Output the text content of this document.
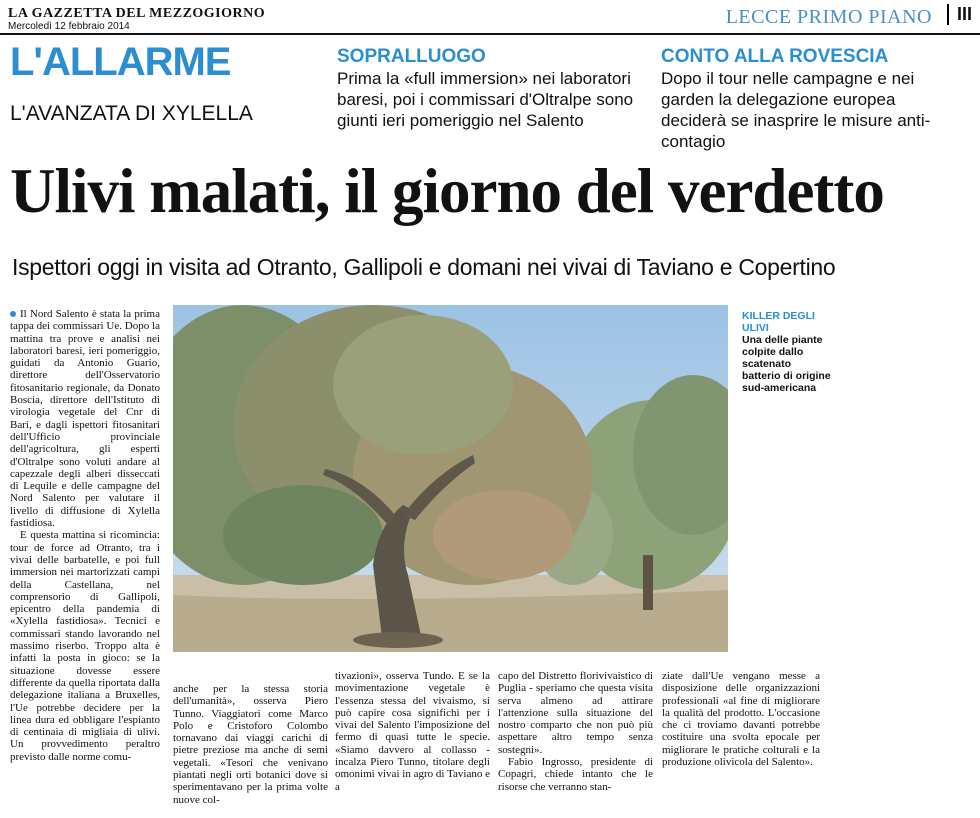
LA GAZZETTA DEL MEZZOGIORNO
Mercoledì 12 febbraio 2014	LECCE PRIMO PIANO	III
L'ALLARME
L'AVANZATA DI XYLELLA
SOPRALLUOGO
Prima la «full immersion» nei laboratori baresi, poi i commissari d'Oltralpe sono giunti ieri pomeriggio nel Salento
CONTO ALLA ROVESCIA
Dopo il tour nelle campagne e nei garden la delegazione europea deciderà se inasprire le misure anti-contagio
Ulivi malati, il giorno del verdetto
Ispettori oggi in visita ad Otranto, Gallipoli e domani nei vivai di Taviano e Copertino
KILLER DEGLI ULIVI
Una delle piante colpite dallo scatenato batterio di origine sud-americana

Il Nord Salento è stata la prima tappa dei commissari Ue. Dopo la mattina tra prove e analisi nei laboratori baresi, ieri pomeriggio, guidati da Antonio Guario, direttore dell'Osservatorio fitosanitario regionale, da Donato Boscia, direttore dell'Istituto di virologia vegetale del Cnr di Bari, e dagli ispettori fitosanitari dell'Ufficio provinciale dell'agricoltura, gli esperti d'Oltralpe sono voluti andare al capezzale degli alberi disseccati di Lequile e delle campagne del Nord Salento per valutare il livello di diffusione di Xylella fastidiosa.

E questa mattina si ricomincia: tour de force ad Otranto, tra i vivai delle barbatelle, e poi full immersion nei martorizzati campi della Castellana, nel comprensorio di Gallipoli, epicentro della pandemia di «Xylella fastidiosa». Tecnici e commissari stando lavorando nel massimo riserbo. Troppo alta è infatti la posta in gioco: se la situazione dovesse essere differente da quella riportata dalla delegazione italiana a Bruxelles, l'Ue potrebbe decidere per la linea dura ed obbligare l'espianto di centinaia di migliaia di ulivi. Un provvedimento peraltro previsto dalle norme comu-

anche per la stessa storia dell'umanità», osserva Piero Tunno. Viaggiatori come Marco Polo e Cristoforo Colombo tornavano dai viaggi carichi di pietre preziose ma anche di semi vegetali. «Tesori che venivano piantati negli orti botanici dove si sperimentavano per la prima volte nuove col-

tivazioni», osserva Tundo. E se la movimentazione vegetale è l'essenza stessa del vivaismo, si può capire cosa significhi per i vivai del Salento l'imposizione del fermo di quasi tutte le specie. «Siamo davvero al collasso - incalza Piero Tunno, titolare degli omonimi vivai in agro di Taviano e a

capo del Distretto florivivaistico di Puglia - speriamo che questa visita serva almeno ad attirare l'attenzione sulla situazione del nostro comparto che non può più aspettare altro tempo senza sostegni».

Fabio Ingrosso, presidente di Copagri, chiede intanto che le risorse che verranno stan-

ziate dall'Ue vengano messe a disposizione delle organizzazioni professionali «al fine di migliorare la qualità del prodotto. L'occasione che ci troviamo davanti potrebbe costituire una svolta epocale per migliorare le pratiche colturali e la produzione olivicola del Salento».
